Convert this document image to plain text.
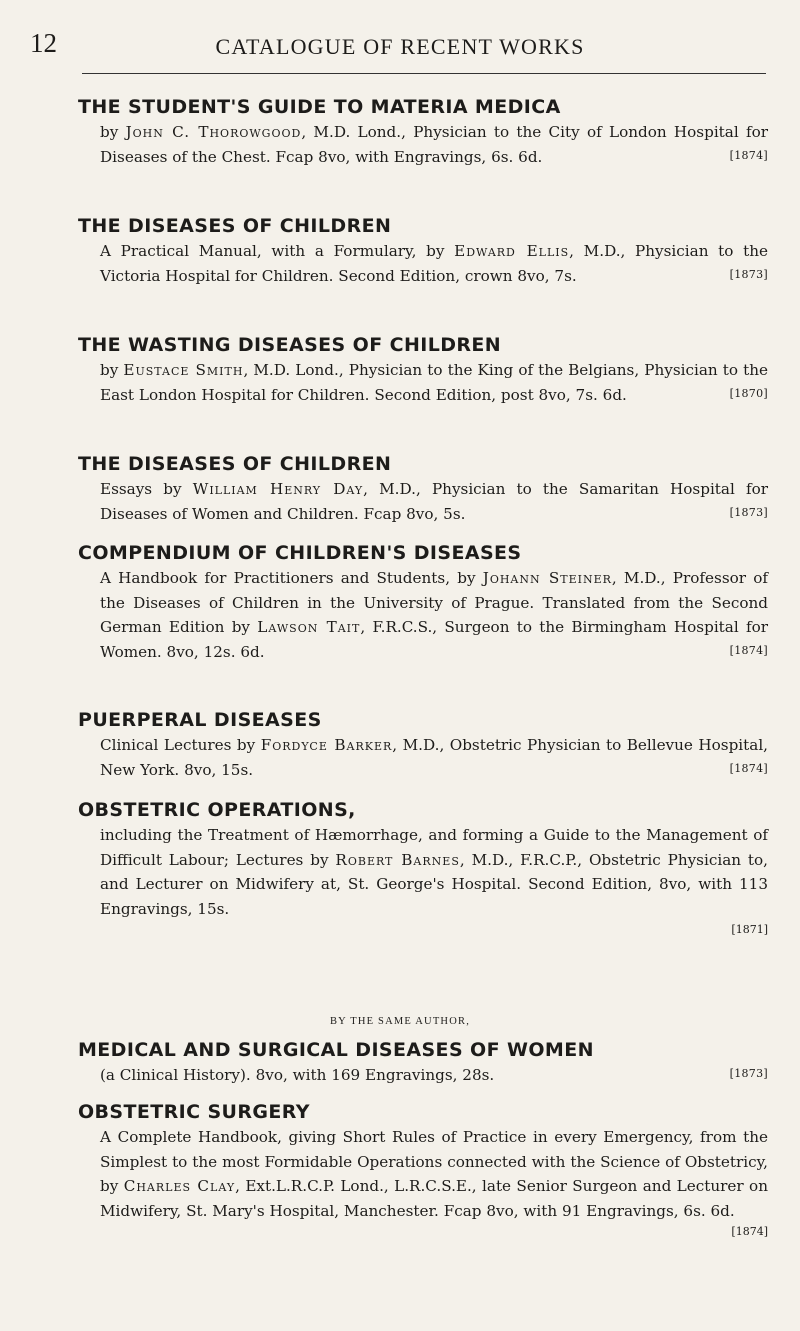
12	CATALOGUE OF RECENT WORKS
THE STUDENT'S GUIDE TO MATERIA MEDICA
by John C. Thorowgood, M.D. Lond., Physician to the City of London Hospital for Diseases of the Chest. Fcap 8vo, with Engravings, 6s. 6d.	[1874]
THE DISEASES OF CHILDREN
A Practical Manual, with a Formulary, by Edward Ellis, M.D., Physician to the Victoria Hospital for Children. Second Edition, crown 8vo, 7s.	[1873]
THE WASTING DISEASES OF CHILDREN
by Eustace Smith, M.D. Lond., Physician to the King of the Belgians, Physician to the East London Hospital for Children. Second Edition, post 8vo, 7s. 6d.	[1870]
THE DISEASES OF CHILDREN
Essays by William Henry Day, M.D., Physician to the Samaritan Hospital for Diseases of Women and Children. Fcap 8vo, 5s.	[1873]
COMPENDIUM OF CHILDREN'S DISEASES
A Handbook for Practitioners and Students, by Johann Steiner, M.D., Professor of the Diseases of Children in the University of Prague. Translated from the Second German Edition by Lawson Tait, F.R.C.S., Surgeon to the Birmingham Hospital for Women. 8vo, 12s. 6d.	[1874]
PUERPERAL DISEASES
Clinical Lectures by Fordyce Barker, M.D., Obstetric Physician to Bellevue Hospital, New York. 8vo, 15s.	[1874]
OBSTETRIC OPERATIONS,
including the Treatment of Hæmorrhage, and forming a Guide to the Management of Difficult Labour; Lectures by Robert Barnes, M.D., F.R.C.P., Obstetric Physician to, and Lecturer on Midwifery at, St. George's Hospital. Second Edition, 8vo, with 113 Engravings, 15s.
[1871]
BY THE SAME AUTHOR,
MEDICAL AND SURGICAL DISEASES OF WOMEN
(a Clinical History). 8vo, with 169 Engravings, 28s.	[1873]
OBSTETRIC SURGERY
A Complete Handbook, giving Short Rules of Practice in every Emergency, from the Simplest to the most Formidable Operations connected with the Science of Obstetricy, by Charles Clay, Ext.L.R.C.P. Lond., L.R.C.S.E., late Senior Surgeon and Lecturer on Midwifery, St. Mary's Hospital, Manchester. Fcap 8vo, with 91 Engravings, 6s. 6d.
[1874]
